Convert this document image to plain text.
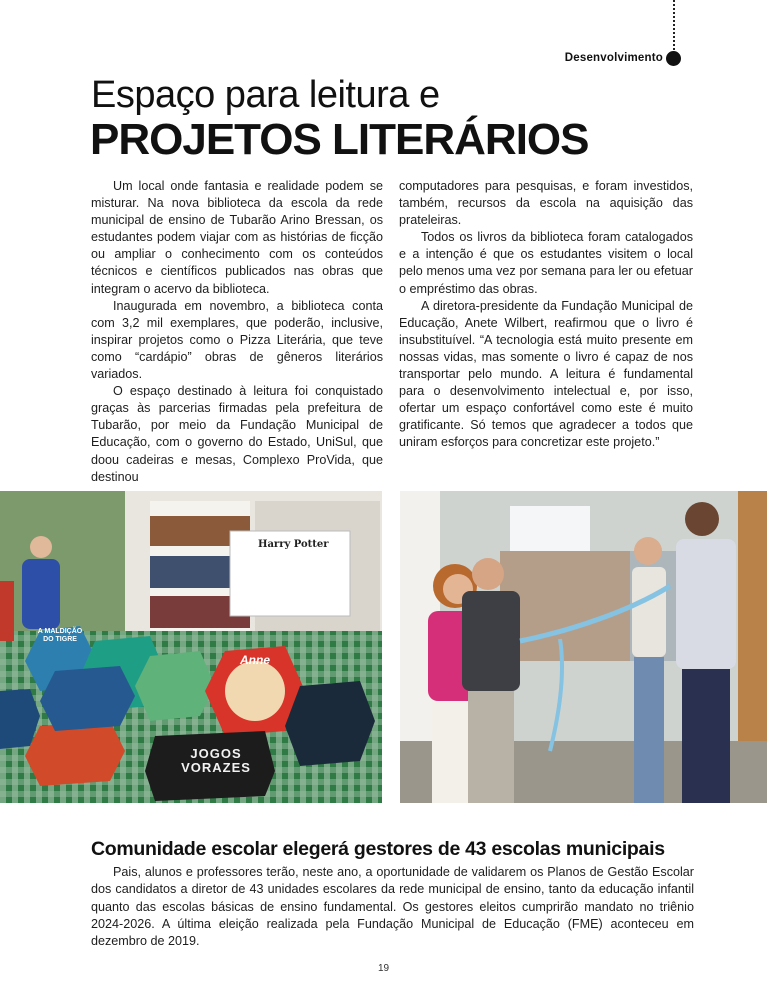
Desenvolvimento
Espaço para leitura e
PROJETOS LITERÁRIOS

Um local onde fantasia e realidade podem se misturar. Na nova biblioteca da escola da rede municipal de ensino de Tubarão Arino Bressan, os estudantes podem viajar com as histórias de ficção ou ampliar o conhecimento com os conteúdos técnicos e científicos publicados nas obras que integram o acervo da biblioteca.

Inaugurada em novembro, a biblioteca conta com 3,2 mil exemplares, que poderão, inclusive, inspirar projetos como o Pizza Literária, que teve como “cardápio” obras de gêneros literários variados.

O espaço destinado à leitura foi conquistado graças às parcerias firmadas pela prefeitura de Tubarão, por meio da Fundação Municipal de Educação, com o governo do Estado, UniSul, que doou cadeiras e mesas, Complexo ProVida, que destinou

computadores para pesquisas, e foram investidos, também, recursos da escola na aquisição das prateleiras.

Todos os livros da biblioteca foram catalogados e a intenção é que os estudantes visitem o local pelo menos uma vez por semana para ler ou efetuar o empréstimo das obras.

A diretora-presidente da Fundação Municipal de Educação, Anete Wilbert, reafirmou que o livro é insubstituível. “A tecnologia está muito presente em nossas vidas, mas somente o livro é capaz de nos transportar pelo mundo. A leitura é fundamental para o desenvolvimento intelectual e, por isso, ofertar um espaço confortável como este é muito gratificante. Só temos que agradecer a todos que uniram esforços para concretizar este projeto.”

A MALDIÇÃO DO TIGRE
Harry Potter
Anne
JOGOS VORAZES
Comunidade escolar elegerá gestores de 43 escolas municipais

Pais, alunos e professores terão, neste ano, a oportunidade de validarem os Planos de Gestão Escolar dos candidatos a diretor de 43 unidades escolares da rede municipal de ensino, tanto da educação infantil quanto das escolas básicas de ensino fundamental. Os gestores eleitos cumprirão mandato no triênio 2024-2026. A última eleição realizada pela Fundação Municipal de Educação (FME) aconteceu em dezembro de 2019.

19
